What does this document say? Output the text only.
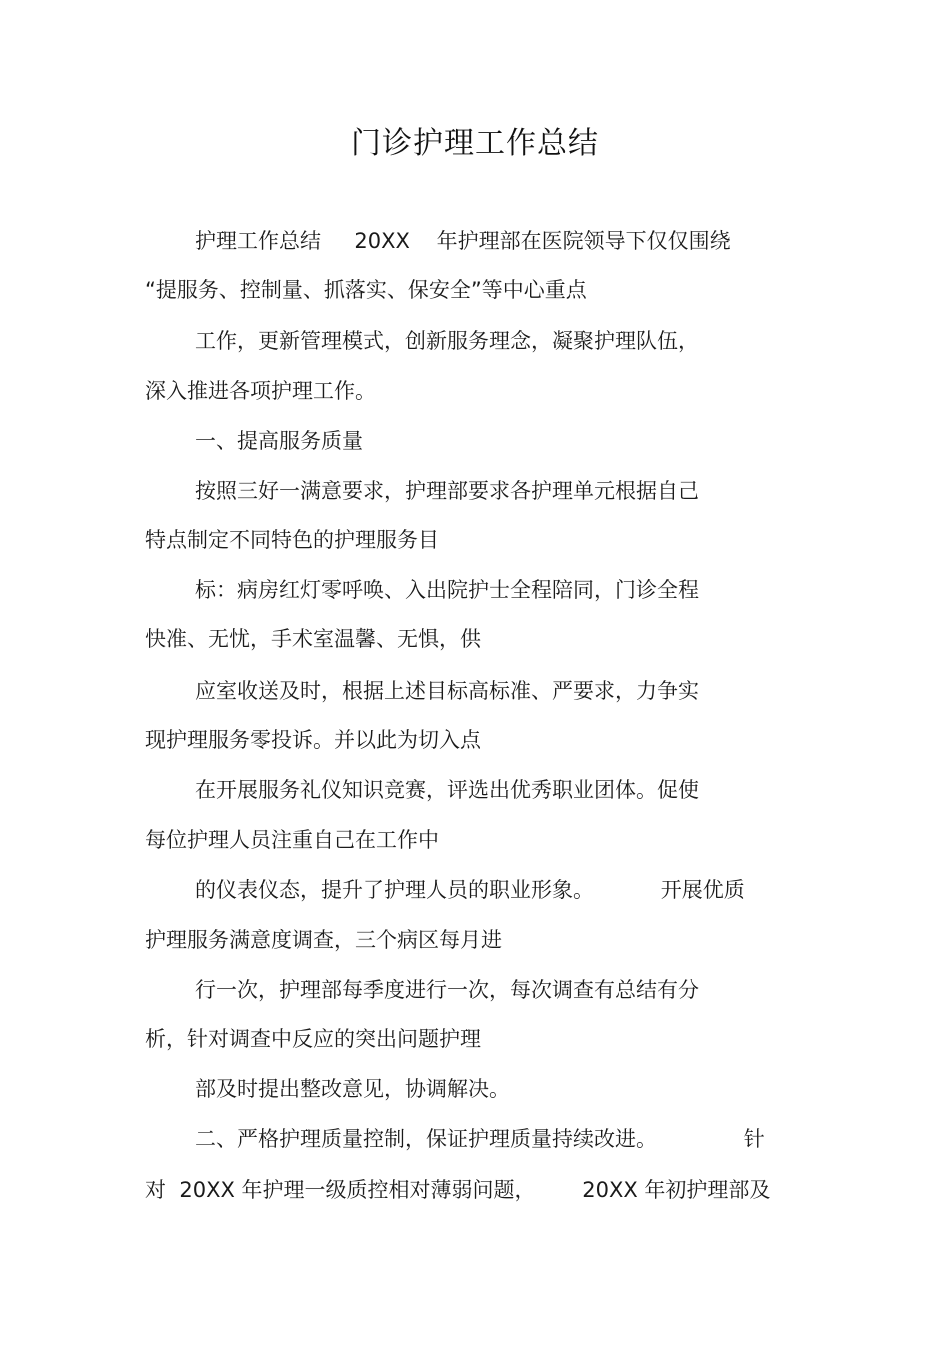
门诊护理工作总结
护理工作总结     20XX    年护理部在医院领导下仅仅围绕
“提服务、控制量、抓落实、保安全”等中心重点
工作，更新管理模式，创新服务理念，凝聚护理队伍，
深入推进各项护理工作。
一、提高服务质量
按照三好一满意要求，护理部要求各护理单元根据自己
特点制定不同特色的护理服务目
标：病房红灯零呼唤、入出院护士全程陪同，门诊全程
快准、无忧，手术室温馨、无惧，供
应室收送及时，根据上述目标高标准、严要求，力争实
现护理服务零投诉。并以此为切入点
在开展服务礼仪知识竞赛，评选出优秀职业团体。促使
每位护理人员注重自己在工作中
的仪表仪态，提升了护理人员的职业形象。          开展优质
护理服务满意度调查，三个病区每月进
行一次，护理部每季度进行一次，每次调查有总结有分
析，针对调查中反应的突出问题护理
部及时提出整改意见，协调解决。
二、严格护理质量控制，保证护理质量持续改进。             针
对  20XX 年护理一级质控相对薄弱问题，       20XX 年初护理部及
